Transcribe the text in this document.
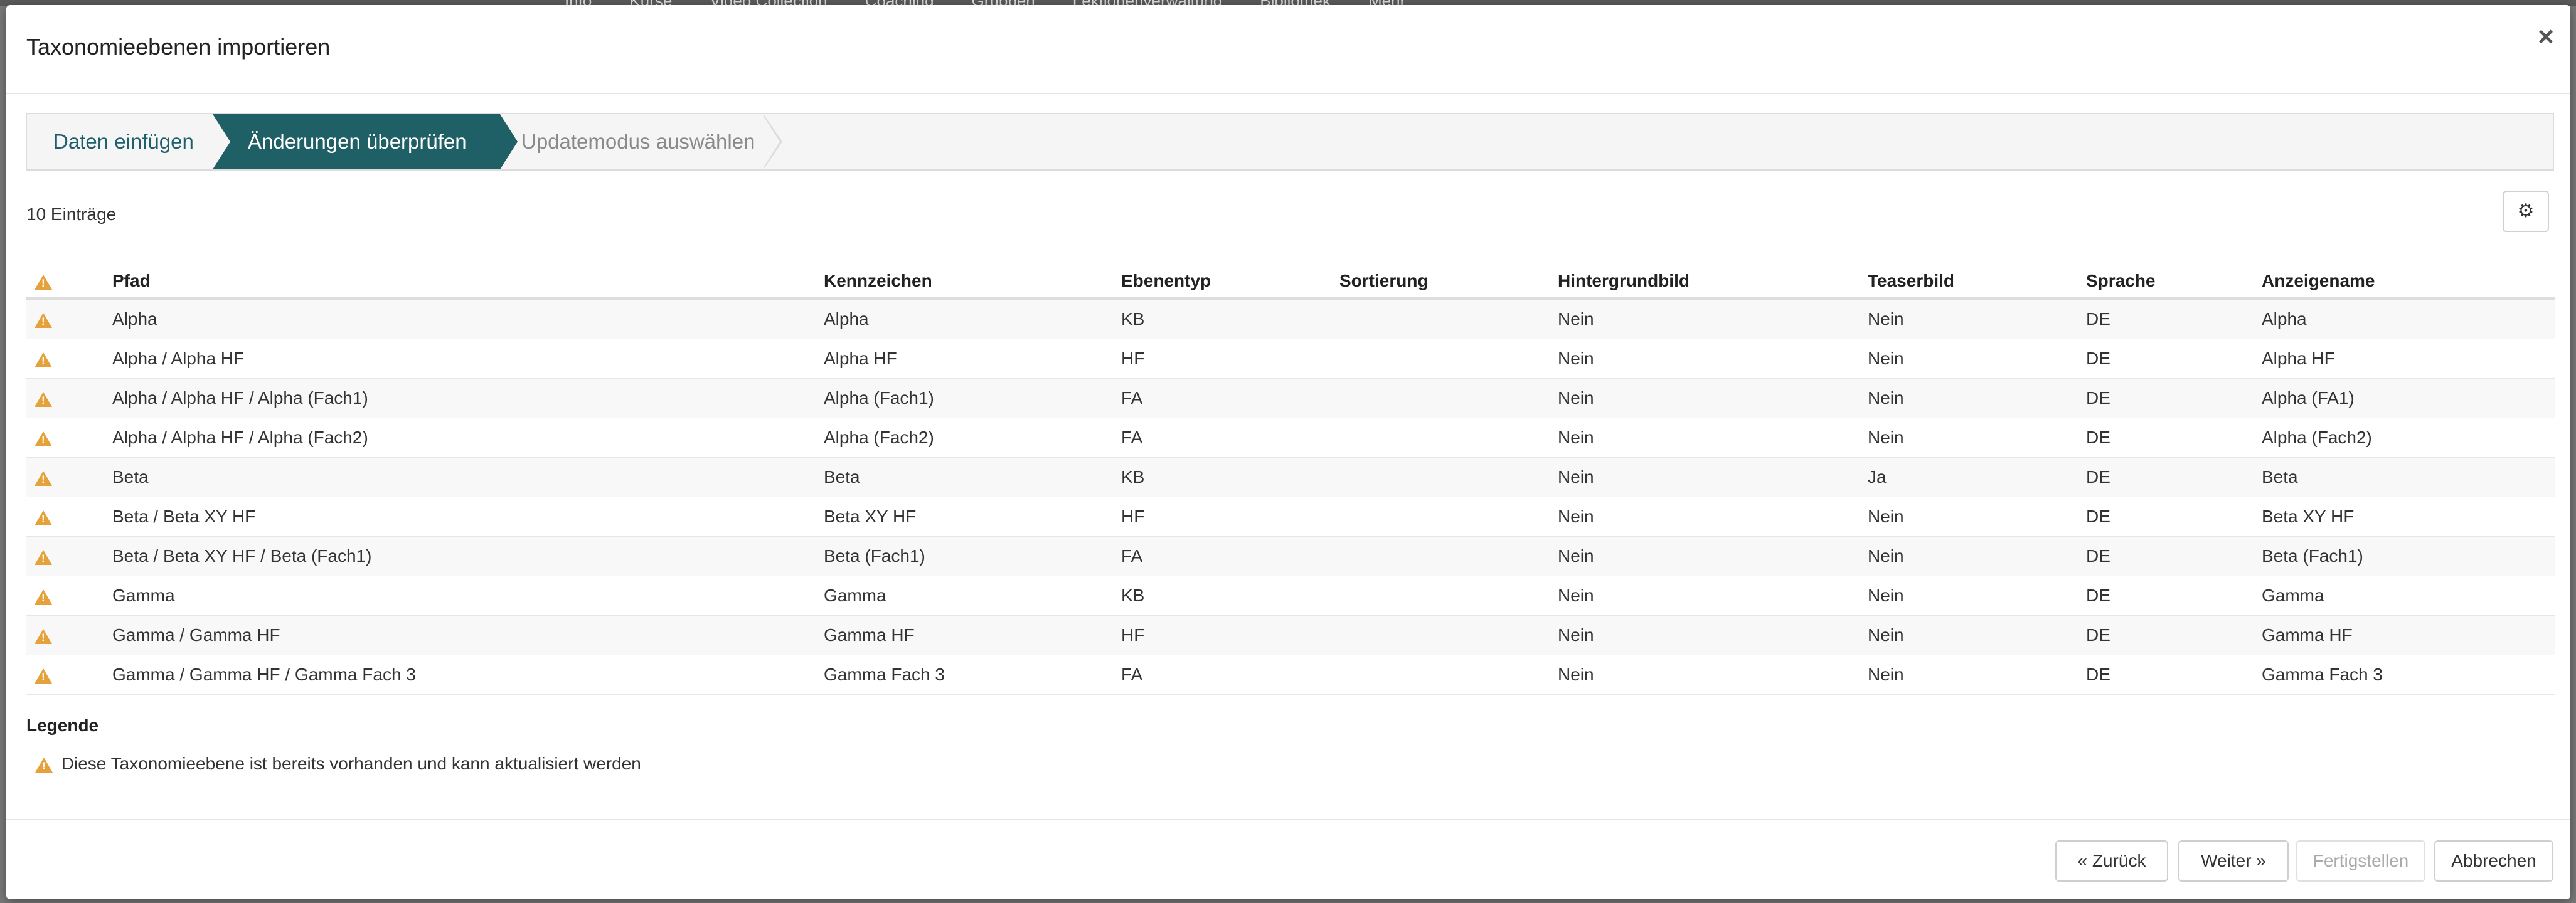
Taxonomieebenen importieren	×
Daten einfügen	Änderungen überprüfen	Updatemodus auswählen
10 Einträge	⚙
!	Pfad	Kennzeichen	Ebenentyp	Sortierung	Hintergrundbild	Teaserbild	Sprache	Anzeigename
!	Alpha	Alpha	KB		Nein	Nein	DE	Alpha
!	Alpha / Alpha HF	Alpha HF	HF		Nein	Nein	DE	Alpha HF
!	Alpha / Alpha HF / Alpha (Fach1)	Alpha (Fach1)	FA		Nein	Nein	DE	Alpha (FA1)
!	Alpha / Alpha HF / Alpha (Fach2)	Alpha (Fach2)	FA		Nein	Nein	DE	Alpha (Fach2)
!	Beta	Beta	KB		Nein	Ja	DE	Beta
!	Beta / Beta XY HF	Beta XY HF	HF		Nein	Nein	DE	Beta XY HF
!	Beta / Beta XY HF / Beta (Fach1)	Beta (Fach1)	FA		Nein	Nein	DE	Beta (Fach1)
!	Gamma	Gamma	KB		Nein	Nein	DE	Gamma
!	Gamma / Gamma HF	Gamma HF	HF		Nein	Nein	DE	Gamma HF
!	Gamma / Gamma HF / Gamma Fach 3	Gamma Fach 3	FA		Nein	Nein	DE	Gamma Fach 3
Legende
! Diese Taxonomieebene ist bereits vorhanden und kann aktualisiert werden
« Zurück	Weiter »	Fertigstellen	Abbrechen
